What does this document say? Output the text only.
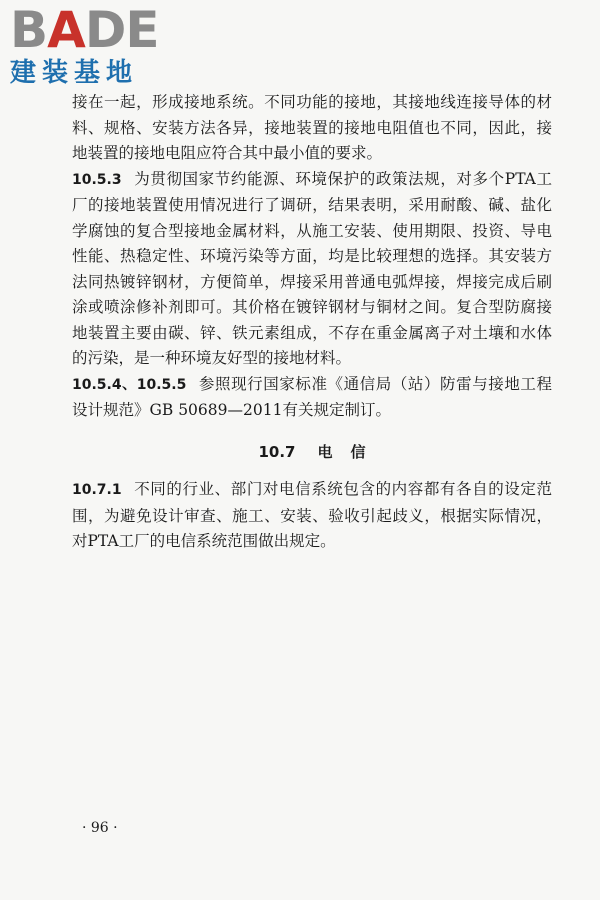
BADE
建装基地

接在一起，形成接地系统。不同功能的接地，其接地线连接导体的材料、规格、安装方法各异，接地装置的接地电阻值也不同，因此，接地装置的接地电阻应符合其中最小值的要求。

10.5.3 为贯彻国家节约能源、环境保护的政策法规，对多个PTA工厂的接地装置使用情况进行了调研，结果表明，采用耐酸、碱、盐化学腐蚀的复合型接地金属材料，从施工安装、使用期限、投资、导电性能、热稳定性、环境污染等方面，均是比较理想的选择。其安装方法同热镀锌钢材，方便简单，焊接采用普通电弧焊接，焊接完成后刷涂或喷涂修补剂即可。其价格在镀锌钢材与铜材之间。复合型防腐接地装置主要由碳、锌、铁元素组成，不存在重金属离子对土壤和水体的污染，是一种环境友好型的接地材料。

10.5.4、10.5.5 参照现行国家标准《通信局（站）防雷与接地工程设计规范》GB 50689—2011有关规定制订。

10.7 电 信

10.7.1 不同的行业、部门对电信系统包含的内容都有各自的设定范围，为避免设计审查、施工、安装、验收引起歧义，根据实际情况，对PTA工厂的电信系统范围做出规定。

· 96 ·
